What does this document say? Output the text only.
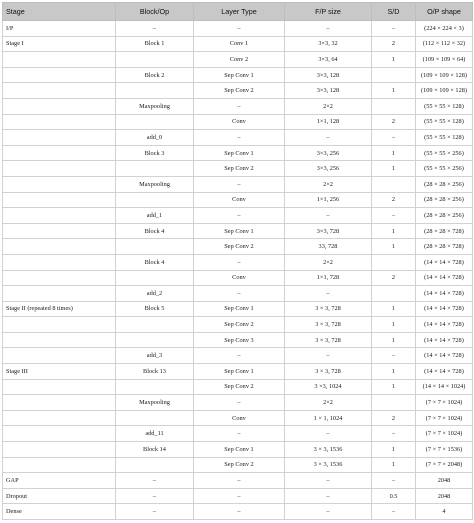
Stage	Block/Op	Layer Type	F/P size	S/D	O/P shape
I/P	–	–	–	–	(224 × 224 × 3)
Stage I	Block 1	Conv 1	3×3, 32	2	(112 × 112 × 32)
		Conv 2	3×3, 64	1	(109 × 109 × 64)
	Block 2	Sep Conv 1	3×3, 128		(109 × 109 × 128)
		Sep Conv 2	3×3, 128	1	(109 × 109 × 128)
	Maxpooling	–	2×2		(55 × 55 × 128)
		Conv	1×1, 128	2	(55 × 55 × 128)
	add_0	–	–	–	(55 × 55 × 128)
	Block 3	Sep Conv 1	3×3, 256	1	(55 × 55 × 256)
		Sep Conv 2	3×3, 256	1	(55 × 55 × 256)
	Maxpooling	–	2×2		(28 × 28 × 256)
		Conv	1×1, 256	2	(28 × 28 × 256)
	add_1	–	–	–	(28 × 28 × 256)
	Block 4	Sep Conv 1	3×3, 728	1	(28 × 28 × 728)
		Sep Conv 2	33, 728	1	(28 × 28 × 728)
	Block 4	–	2×2		(14 × 14 × 728)
		Conv	1×1, 728	2	(14 × 14 × 728)
	add_2	–	–		(14 × 14 × 728)
Stage II (repeated 8 times)	Block 5	Sep Conv 1	3 × 3, 728	1	(14 × 14 × 728)
		Sep Conv 2	3 × 3, 728	1	(14 × 14 × 728)
		Sep Conv 3	3 × 3, 728	1	(14 × 14 × 728)
	add_3	–	–	–	(14 × 14 × 728)
Stage III	Block 13	Sep Conv 1	3 × 3, 728	1	(14 × 14 × 728)
		Sep Conv 2	3 ×3, 1024	1	(14 × 14 × 1024)
	Maxpooling	–	2×2		(7 × 7 × 1024)
		Conv	1 × 1, 1024	2	(7 × 7 × 1024)
	add_11	–	–	–	(7 × 7 × 1024)
	Block 14	Sep Conv 1	3 × 3, 1536	1	(7 × 7 × 1536)
		Sep Conv 2	3 × 3, 1536	1	(7 × 7 × 2048)
GAP	–	–	–	–	2048
Dropout	–	–	–	0.5	2048
Dense	–	–	–	–	4
